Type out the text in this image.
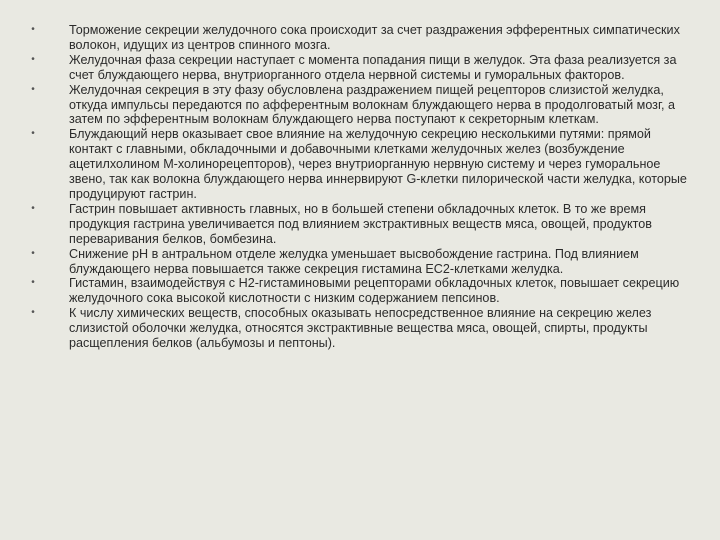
•	Торможение секреции желудочного сока происходит за счет раздражения эфферентных симпатических волокон, идущих из центров спинного мозга.
•	Желудочная фаза секреции наступает с момента попадания пищи в желудок. Эта фаза реализуется за счет блуждающего нерва, внутриорганного отдела нервной системы и гуморальных факторов.
•	Желудочная секреция в эту фазу обусловлена раздражением пищей рецепторов слизистой желудка, откуда импульсы передаются по афферентным волокнам блуждающего нерва в продолговатый мозг, а затем по эфферентным волокнам блуждающего нерва поступают к секреторным клеткам.
•	Блуждающий нерв оказывает свое влияние на желудочную секрецию несколькими путями: прямой контакт с главными, обкладочными и добавочными клетками желудочных желез (возбуждение ацетилхолином М-холинорецепторов), через внутриорганную нервную систему и через гуморальное звено, так как волокна блуждающего нерва иннервируют G-клетки пилорической части желудка, которые продуцируют гастрин.
•	Гастрин повышает активность главных, но в большей степени обкладочных клеток. В то же время продукция гастрина увеличивается под влиянием экстрактивных веществ мяса, овощей, продуктов переваривания белков, бомбезина.
•	Снижение рН в антральном отделе желудка уменьшает высвобождение гастрина. Под влиянием блуждающего нерва повышается также секреция гистамина ЕС2-клетками желудка.
•	Гистамин, взаимодействуя с Н2-гистаминовыми рецепторами обкладочных клеток, повышает секрецию желудочного сока высокой кислотности с низким содержанием пепсинов.
•	К числу химических веществ, способных оказывать непосредственное влияние на секрецию желез слизистой оболочки желудка, относятся экстрактивные вещества мяса, овощей, спирты, продукты расщепления белков (альбумозы и пептоны).
